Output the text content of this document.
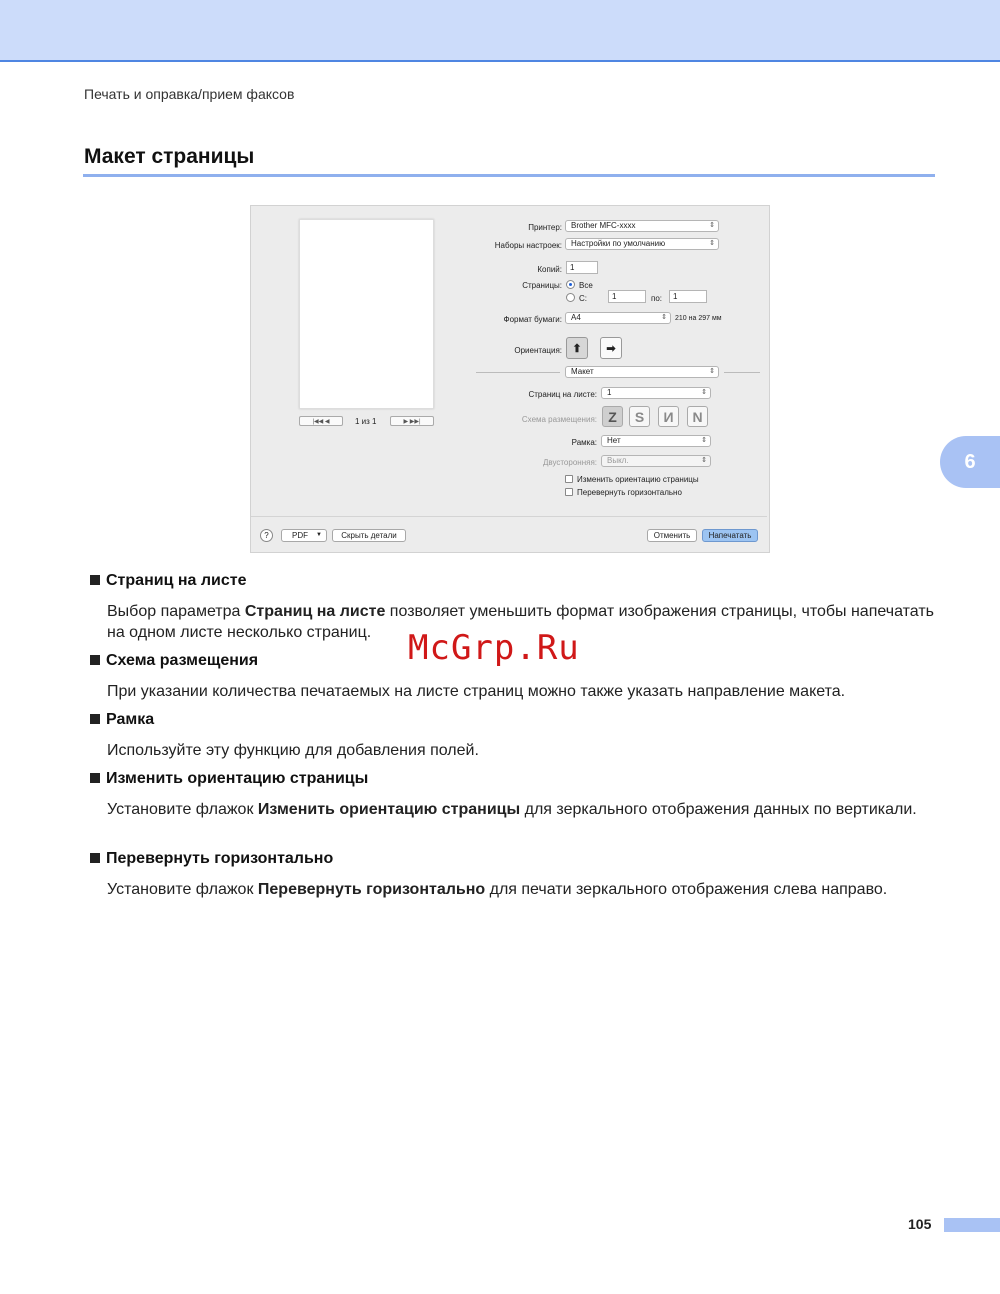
Печать и оправка/прием факсов
Макет страницы
6
|◀◀ ◀	1 из 1	▶ ▶▶|
Принтер:	Brother MFC-xxxx	⇕
Наборы настроек:	Настройки по умолчанию	⇕
Копий:	1
Страницы: Все
С:	1	по:	1
Формат бумаги:	A4	⇕ 210 на 297 мм
Ориентация: ⬆	➡
Макет	⇕
Страниц на листе:	1	⇕
Схема размещения: Z	S	И	N
Рамка:	Нет	⇕
Двусторонняя:	Выкл.	⇕
Изменить ориентацию страницы
Перевернуть горизонтально
?	PDF ▼	Скрыть детали	Отменить	Напечатать
Страниц на листе
Выбор параметра Страниц на листе позволяет уменьшить формат изображения страницы, чтобы напечатать на одном листе несколько страниц.
Схема размещения
При указании количества печатаемых на листе страниц можно также указать направление макета.
Рамка
Используйте эту функцию для добавления полей.
Изменить ориентацию страницы
Установите флажок Изменить ориентацию страницы для зеркального отображения данных по вертикали.
Перевернуть горизонтально
Установите флажок Перевернуть горизонтально для печати зеркального отображения слева направо.
McGrp.Ru
105
